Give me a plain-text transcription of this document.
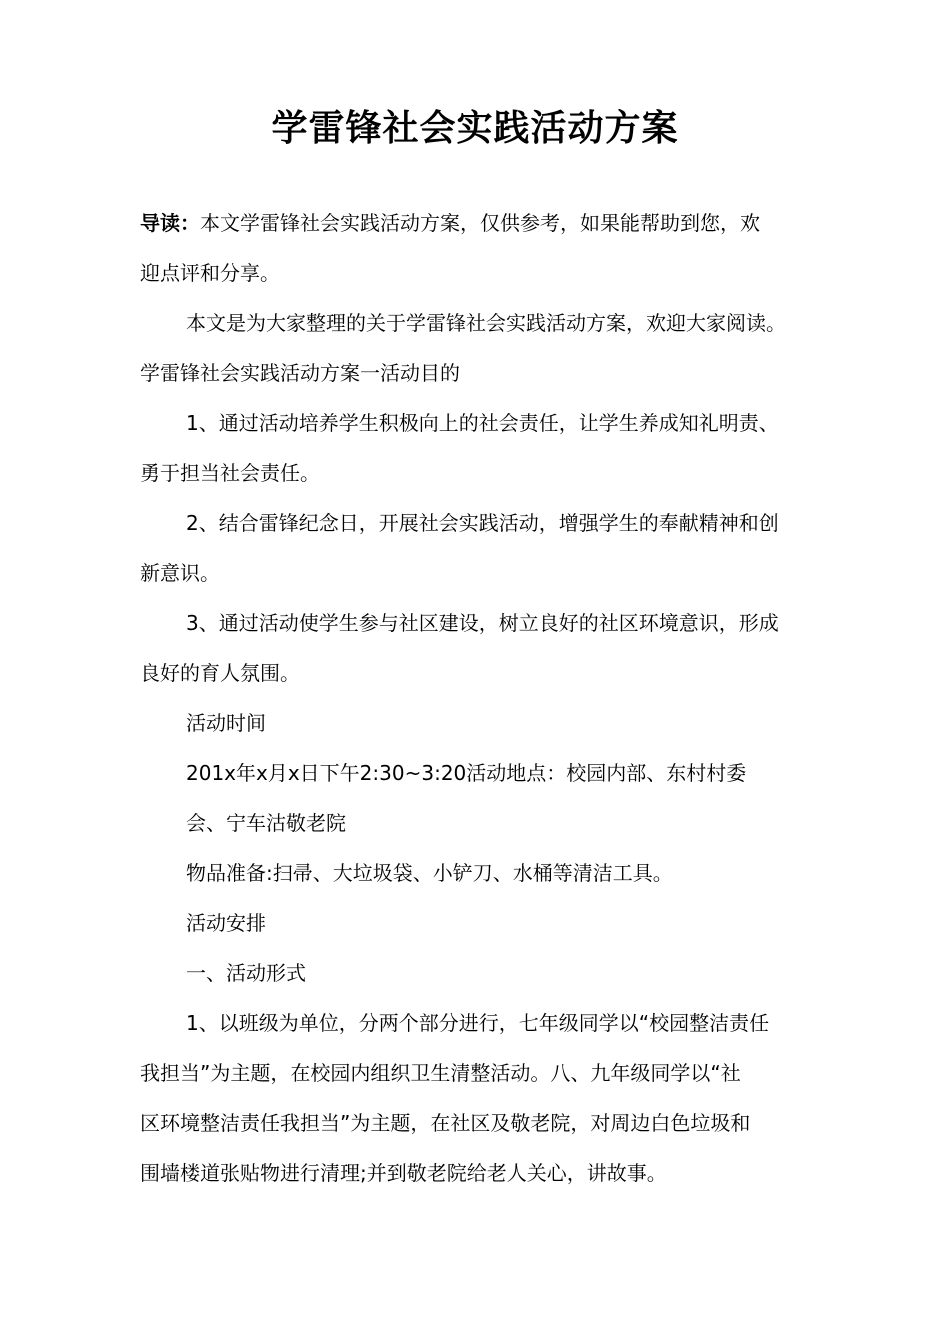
学雷锋社会实践活动方案

导读：本文学雷锋社会实践活动方案，仅供参考，如果能帮助到您，欢

迎点评和分享。

本文是为大家整理的关于学雷锋社会实践活动方案，欢迎大家阅读。

学雷锋社会实践活动方案一活动目的

1、通过活动培养学生积极向上的社会责任，让学生养成知礼明责、

勇于担当社会责任。

2、结合雷锋纪念日，开展社会实践活动，增强学生的奉献精神和创

新意识。

3、通过活动使学生参与社区建设，树立良好的社区环境意识，形成

良好的育人氛围。

活动时间

201x年x月x日下午2:30~3:20活动地点：校园内部、东村村委

会、宁车沽敬老院

物品准备:扫帚、大垃圾袋、小铲刀、水桶等清洁工具。

活动安排

一、活动形式

1、以班级为单位，分两个部分进行，七年级同学以“校园整洁责任

我担当”为主题，在校园内组织卫生清整活动。八、九年级同学以“社

区环境整洁责任我担当”为主题，在社区及敬老院，对周边白色垃圾和

围墙楼道张贴物进行清理;并到敬老院给老人关心，讲故事。
